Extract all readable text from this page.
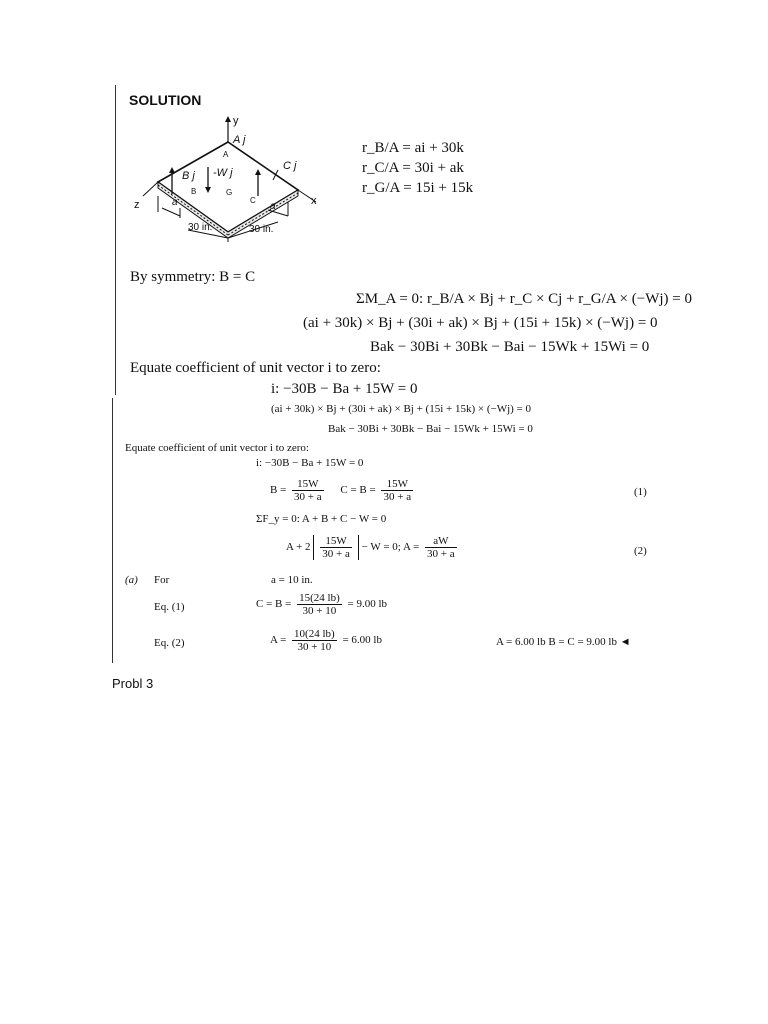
SOLUTION
y
A j
A
B j -W j
C j
B	G
C
z	x
a	a
30 in.	30 in.
r_B/A = ai + 30k
r_C/A = 30i + ak
r_G/A = 15i + 15k
By symmetry: B = C
ΣM_A = 0: r_B/A × Bj + r_C × Cj + r_G/A × (−Wj) = 0
(ai + 30k) × Bj + (30i + ak) × Bj + (15i + 15k) × (−Wj) = 0
Bak − 30Bi + 30Bk − Bai − 15Wk + 15Wi = 0
Equate coefficient of unit vector i to zero:
i: −30B − Ba + 15W = 0
(ai + 30k) × Bj + (30i + ak) × Bj + (15i + 15k) × (−Wj) = 0
Bak − 30Bi + 30Bk − Bai − 15Wk + 15Wi = 0
Equate coefficient of unit vector i to zero:
i: −30B − Ba + 15W = 0
$B = \frac{15W}{30 + a}$ $C = B = \frac{15W}{30 + a}$	(1)
ΣF_y = 0: A + B + C − W = 0
$A + 2 \frac{15W}{30 + a} - W = 0$; $A = \frac{aW}{30 + a}$	(2)
(a) For	a = 10 in.
Eq. (1)	$C = B = \frac{15(24 lb)}{30 + 10} = 9.00$ lb
Eq. (2)	$A = \frac{10(24 lb)}{30 + 10} = 6.00$ lb	A = 6.00 lb B = C = 9.00 lb ◄
Probl 3
